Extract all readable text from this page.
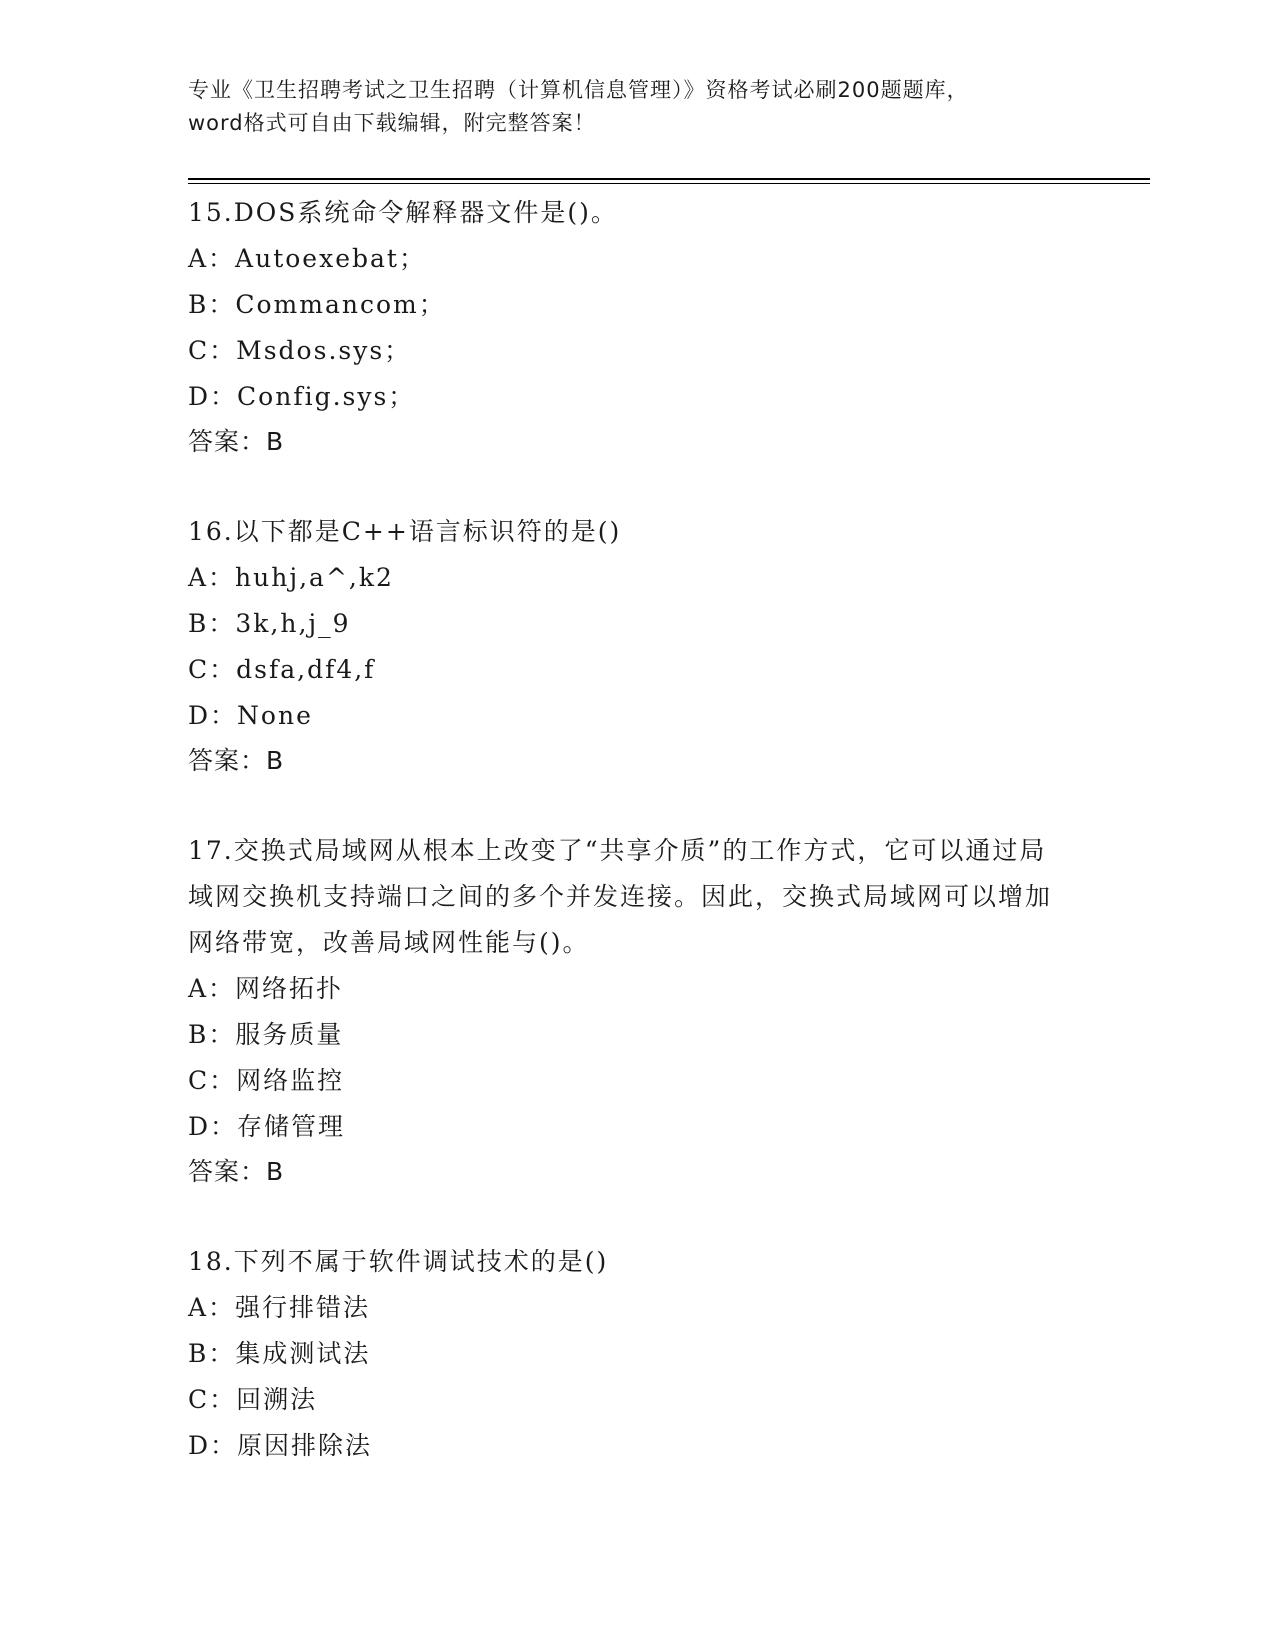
专业《卫生招聘考试之卫生招聘（计算机信息管理）》资格考试必刷200题题库，
word格式可自由下载编辑，附完整答案！
15.DOS系统命令解释器文件是()。
A：Autoexebat；
B：Commancom；
C：Msdos.sys；
D：Config.sys；
答案：B
16.以下都是C++语言标识符的是()
A：huhj,a^,k2
B：3k,h,j_9
C：dsfa,df4,f
D：None
答案：B
17.交换式局域网从根本上改变了“共享介质”的工作方式，它可以通过局域网交换机支持端口之间的多个并发连接。因此，交换式局域网可以增加网络带宽，改善局域网性能与()。
A：网络拓扑
B：服务质量
C：网络监控
D：存储管理
答案：B
18.下列不属于软件调试技术的是()
A：强行排错法
B：集成测试法
C：回溯法
D：原因排除法
